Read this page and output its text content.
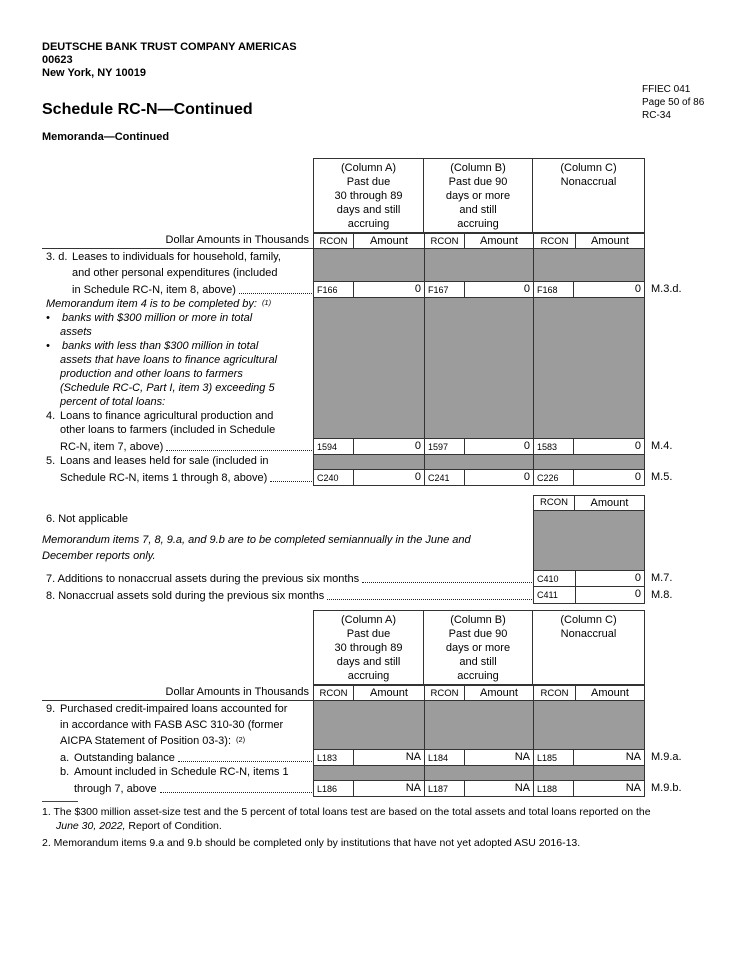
DEUTSCHE BANK TRUST COMPANY AMERICAS
00623
New York, NY 10019
FFIEC 041
Page 50 of 86
RC-34
Schedule RC-N—Continued
Memoranda—Continued
(Column A)
Past due
30 through 89
days and still
accruing
(Column B)
Past due 90
days or more
and still
accruing
(Column C)
Nonaccrual
Dollar Amounts in Thousands	RCON	Amount	RCON	Amount	RCON	Amount
3. d. Leases to individuals for household, family,
and other personal expenditures (included
in Schedule RC-N, item 8, above)	F166	0 F167	0 F168	0 M.3.d.
Memorandum item 4 is to be completed by: (1)
•	banks with $300 million or more in total
assets
•	banks with less than $300 million in total
assets that have loans to finance agricultural
production and other loans to farmers
(Schedule RC-C, Part I, item 3) exceeding 5
percent of total loans:
4. Loans to finance agricultural production and
other loans to farmers (included in Schedule
RC-N, item 7, above)	1594	0 1597	0 1583	0 M.4.
5. Loans and leases held for sale (included in
Schedule RC-N, items 1 through 8, above)	C240	0 C241	0 C226	0 M.5.
RCON	Amount
6. Not applicable
Memorandum items 7, 8, 9.a, and 9.b are to be completed semiannually in the June and
December reports only.
7. Additions to nonaccrual assets during the previous six months	C410	0 M.7.
8. Nonaccrual assets sold during the previous six months	C411	0 M.8.
(Column A)
Past due
30 through 89
days and still
accruing
(Column B)
Past due 90
days or more
and still
accruing
(Column C)
Nonaccrual
Dollar Amounts in Thousands	RCON	Amount	RCON	Amount	RCON	Amount
9. Purchased credit-impaired loans accounted for
in accordance with FASB ASC 310-30 (former
AICPA Statement of Position 03-3): (2)
a. Outstanding balance	L183	NA L184	NA L185	NA M.9.a.
b. Amount included in Schedule RC-N, items 1
through 7, above	L186	NA L187	NA L188	NA M.9.b.
1. The $300 million asset-size test and the 5 percent of total loans test are based on the total assets and total loans reported on the
June 30, 2022, Report of Condition.
2. Memorandum items 9.a and 9.b should be completed only by institutions that have not yet adopted ASU 2016-13.
